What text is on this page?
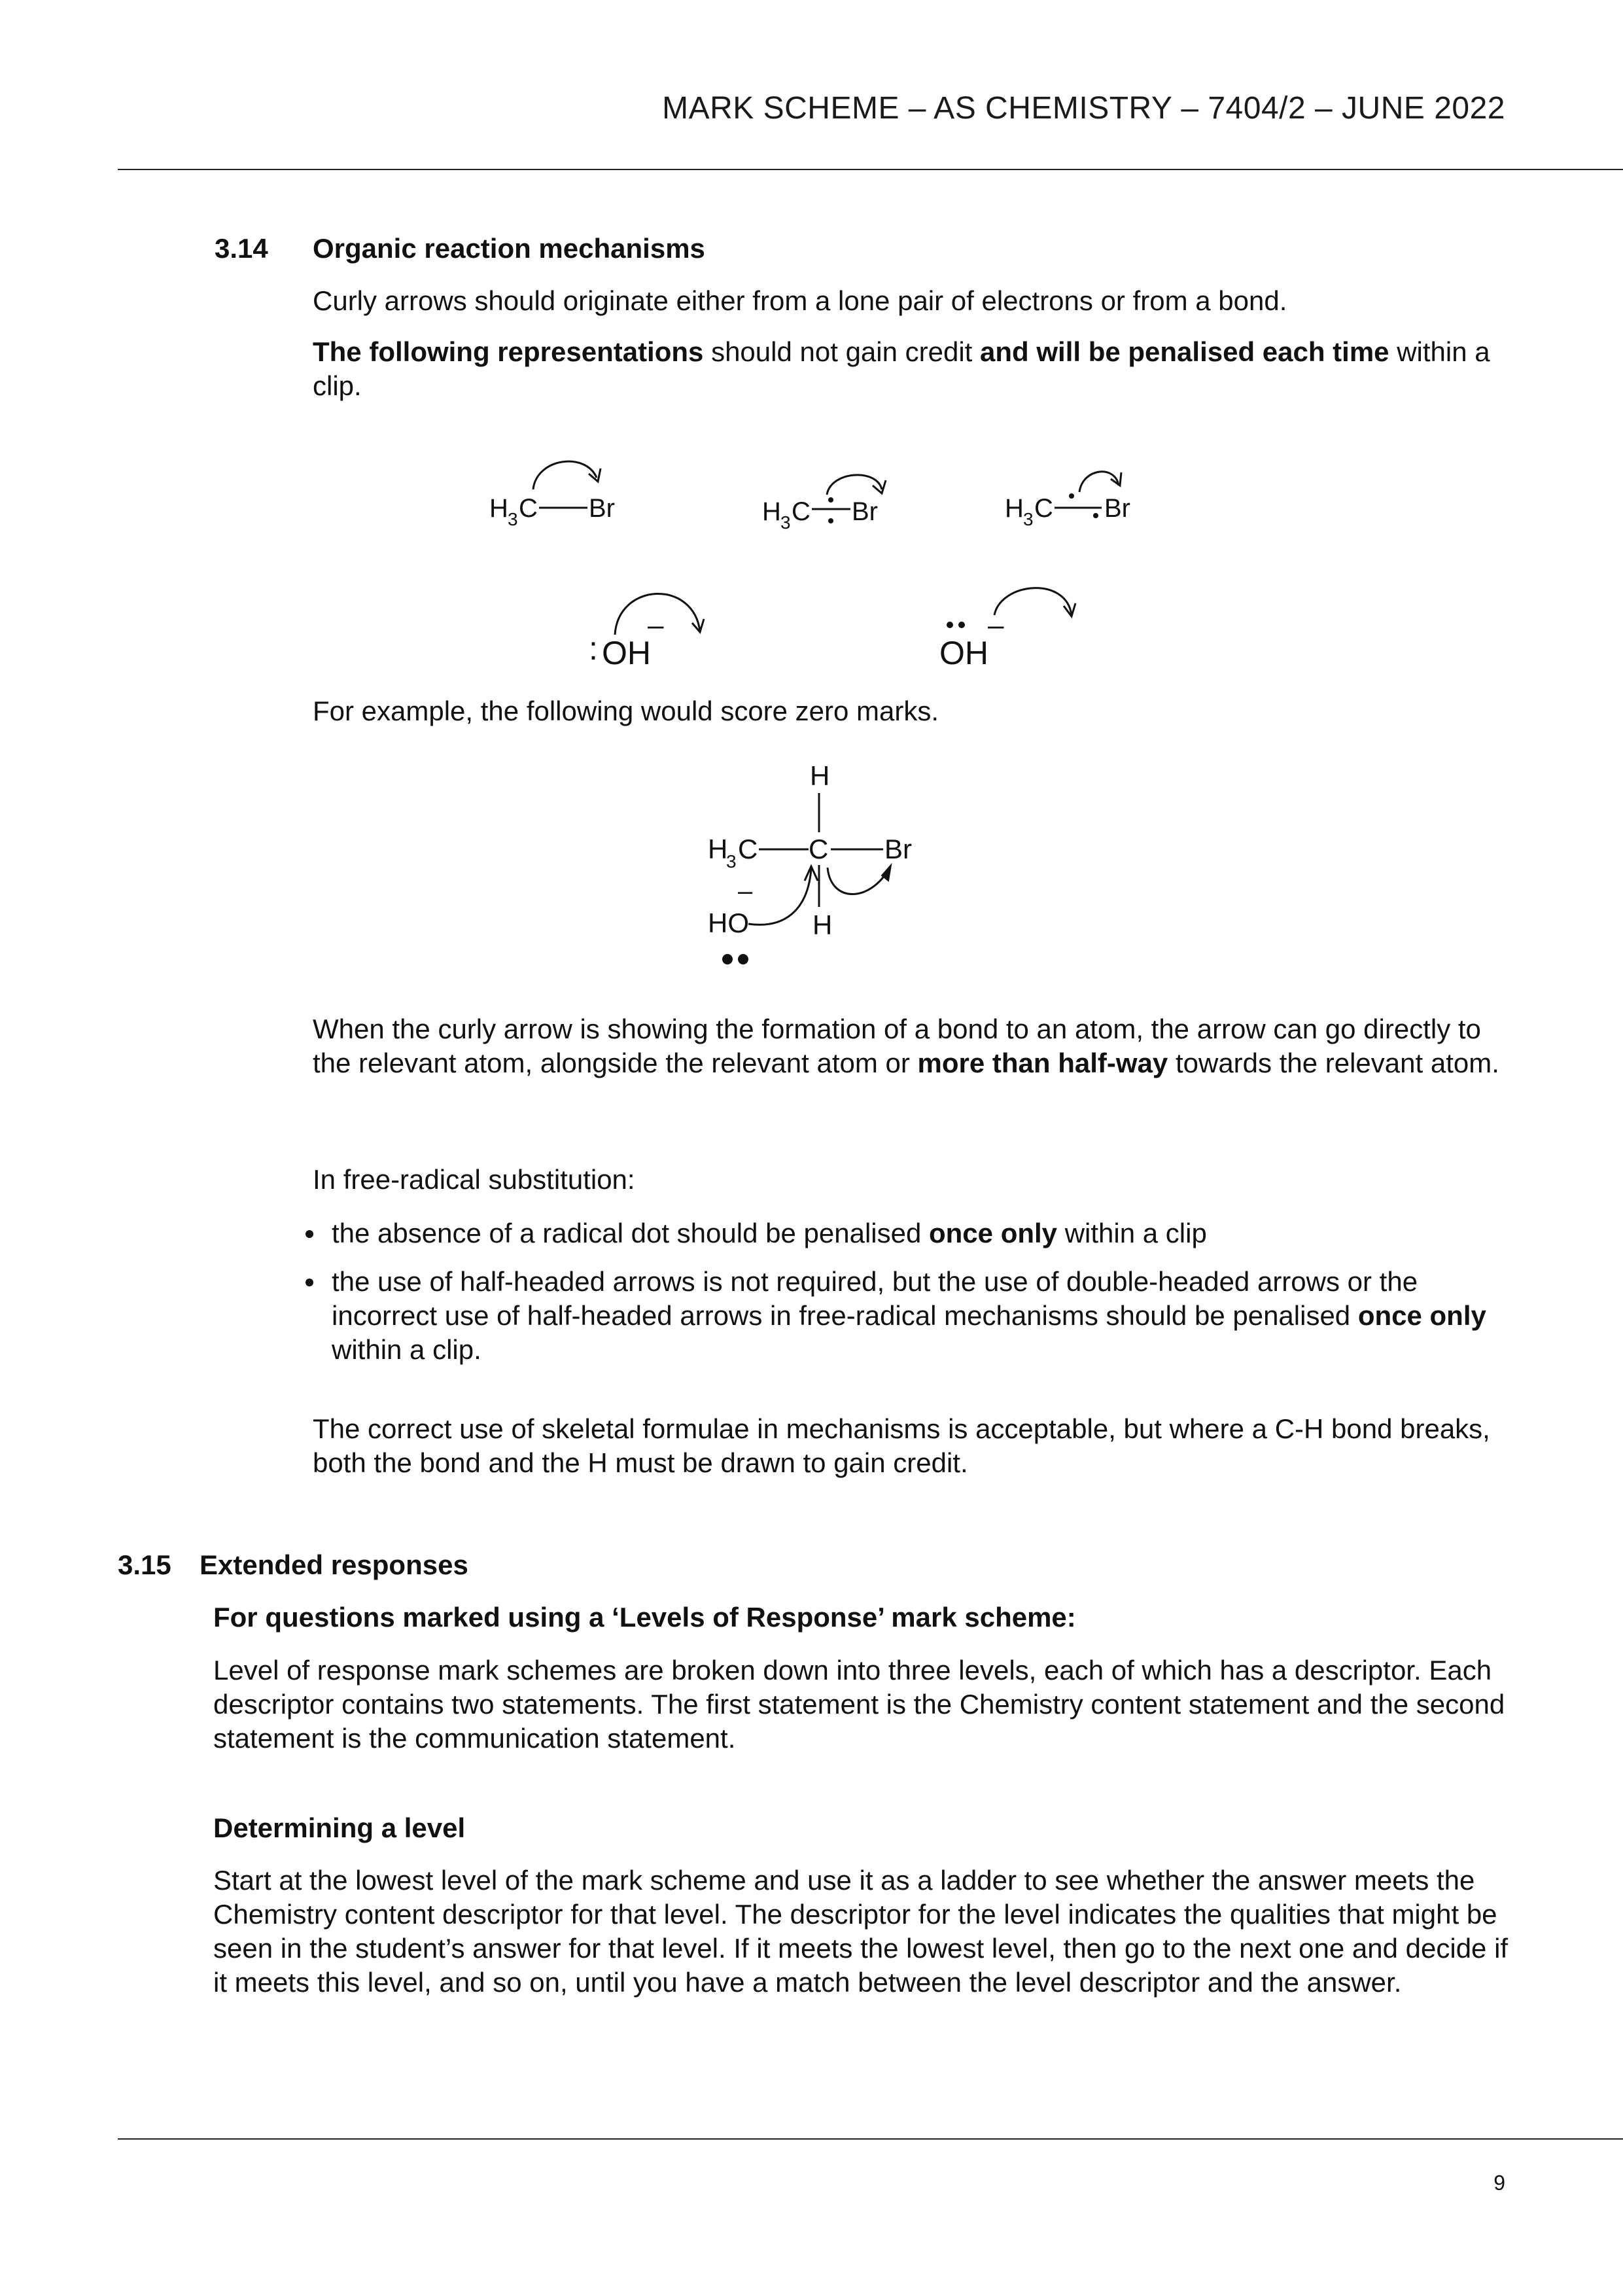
MARK SCHEME – AS CHEMISTRY – 7404/2 – JUNE 2022
3.14 Organic reaction mechanisms

Curly arrows should originate either from a lone pair of electrons or from a bond.

The following representations should not gain credit and will be penalised each time within a clip.

H 3 C Br	H 3 C Br	H 3 C Br
: OH
–
OH
–

For example, the following would score zero marks.

H
H
3 C C Br
H
–
HO

When the curly arrow is showing the formation of a bond to an atom, the arrow can go directly to the relevant atom, alongside the relevant atom or more than half-way towards the relevant atom.

In free-radical substitution:

the absence of a radical dot should be penalised once only within a clip
the use of half-headed arrows is not required, but the use of double-headed arrows or the incorrect use of half-headed arrows in free-radical mechanisms should be penalised once only within a clip.

The correct use of skeletal formulae in mechanisms is acceptable, but where a C-H bond breaks, both the bond and the H must be drawn to gain credit.

3.15 Extended responses
For questions marked using a ‘Levels of Response’ mark scheme:

Level of response mark schemes are broken down into three levels, each of which has a descriptor. Each descriptor contains two statements. The first statement is the Chemistry content statement and the second statement is the communication statement.

Determining a level

Start at the lowest level of the mark scheme and use it as a ladder to see whether the answer meets the Chemistry content descriptor for that level. The descriptor for the level indicates the qualities that might be seen in the student’s answer for that level. If it meets the lowest level, then go to the next one and decide if it meets this level, and so on, until you have a match between the level descriptor and the answer.

9
